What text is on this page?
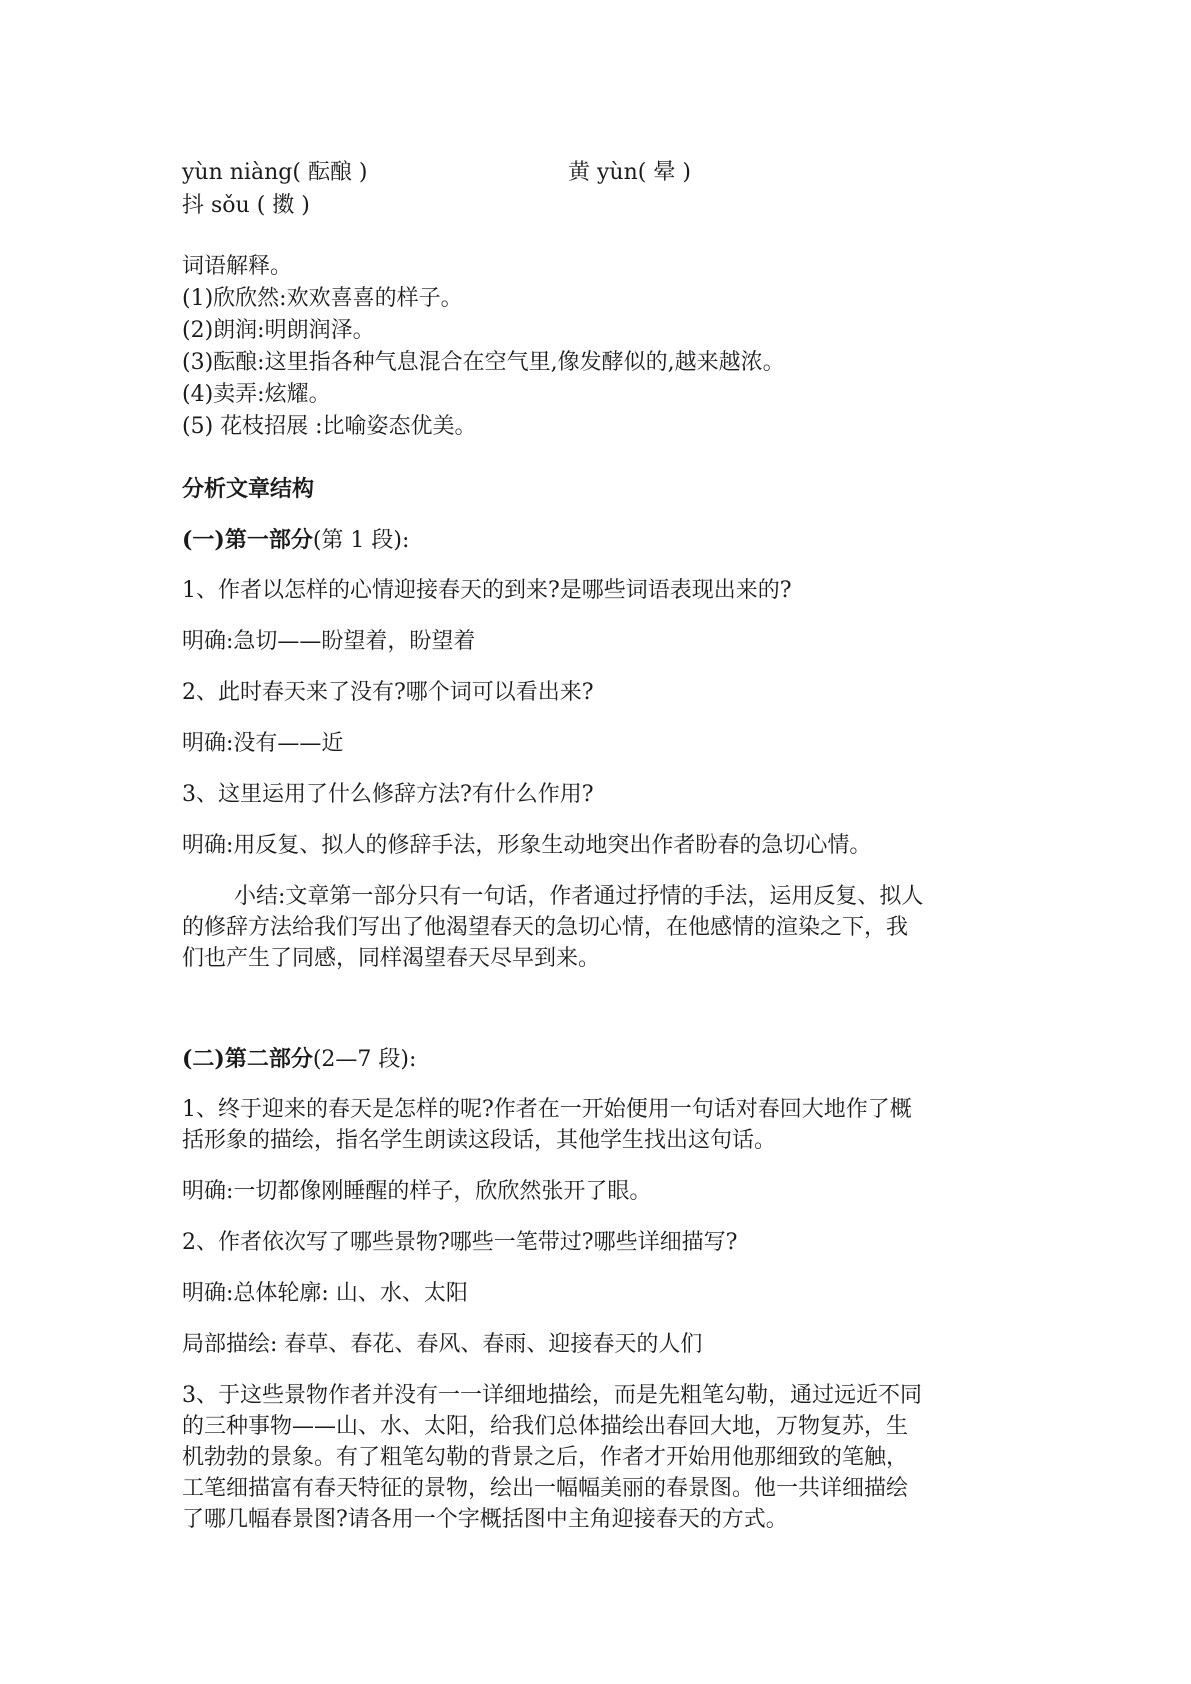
yùn niàng( 酝酿 )	黄 yùn( 晕 )
抖 sǒu ( 擞 )
词语解释。
(1)欣欣然:欢欢喜喜的样子。
(2)朗润:明朗润泽。
(3)酝酿:这里指各种气息混合在空气里,像发酵似的,越来越浓。
(4)卖弄:炫耀。
(5) 花枝招展 :比喻姿态优美。
分析文章结构
(一)第一部分(第 1 段):
1、作者以怎样的心情迎接春天的到来?是哪些词语表现出来的?
明确:急切——盼望着，盼望着
2、此时春天来了没有?哪个词可以看出来?
明确:没有——近
3、这里运用了什么修辞方法?有什么作用?
明确:用反复、拟人的修辞手法，形象生动地突出作者盼春的急切心情。
小结:文章第一部分只有一句话，作者通过抒情的手法，运用反复、拟人
的修辞方法给我们写出了他渴望春天的急切心情，在他感情的渲染之下，我
们也产生了同感，同样渴望春天尽早到来。
(二)第二部分(2—7 段):
1、终于迎来的春天是怎样的呢?作者在一开始便用一句话对春回大地作了概
括形象的描绘，指名学生朗读这段话，其他学生找出这句话。
明确:一切都像刚睡醒的样子，欣欣然张开了眼。
2、作者依次写了哪些景物?哪些一笔带过?哪些详细描写?
明确:总体轮廓: 山、水、太阳
局部描绘: 春草、春花、春风、春雨、迎接春天的人们
3、于这些景物作者并没有一一详细地描绘，而是先粗笔勾勒，通过远近不同
的三种事物——山、水、太阳，给我们总体描绘出春回大地，万物复苏，生
机勃勃的景象。有了粗笔勾勒的背景之后，作者才开始用他那细致的笔触，
工笔细描富有春天特征的景物，绘出一幅幅美丽的春景图。他一共详细描绘
了哪几幅春景图?请各用一个字概括图中主角迎接春天的方式。
